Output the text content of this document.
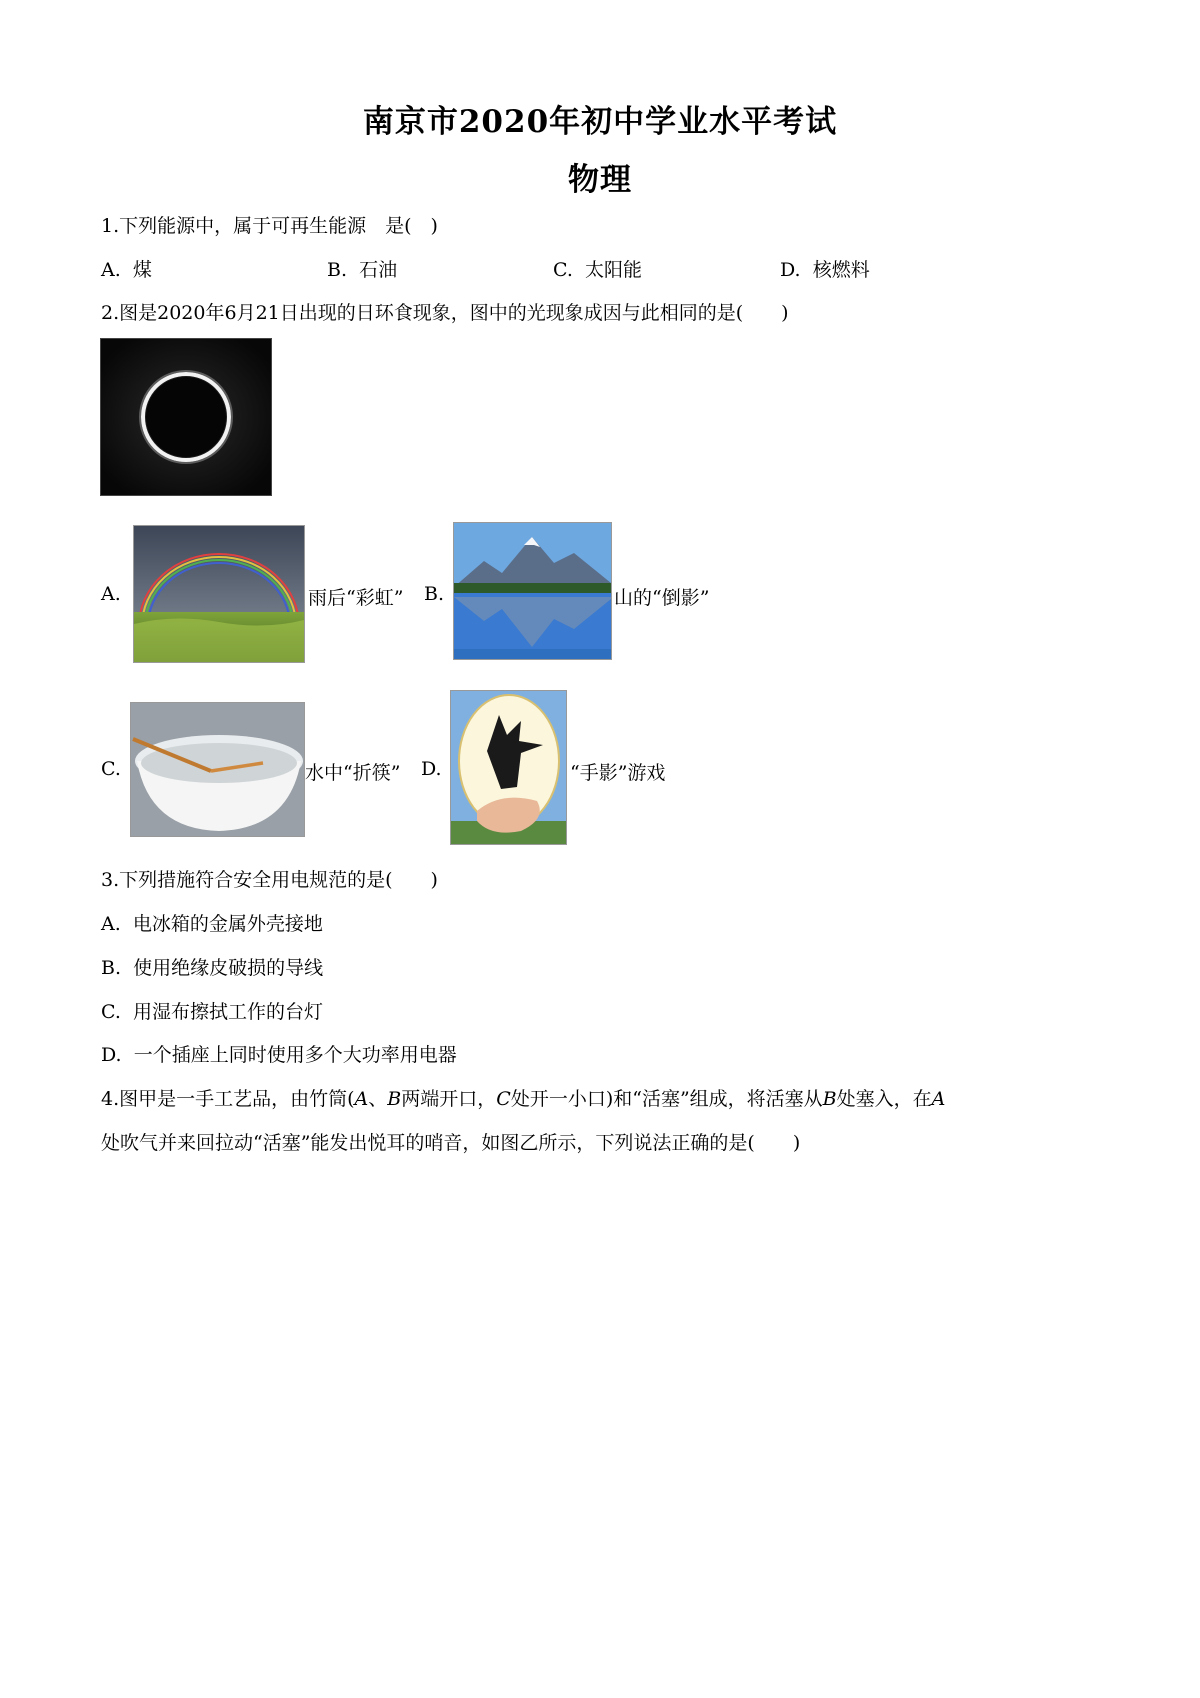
南京市2020年初中学业水平考试
物理
1.下列能源中，属于可再生能源　是(　)
A. 煤	B. 石油	C. 太阳能	D. 核燃料
2.图是2020年6月21日出现的日环食现象，图中的光现象成因与此相同的是(　　)
A.	雨后“彩虹” B.	山的“倒影”
C.	水中“折筷” D.	“手影”游戏
3.下列措施符合安全用电规范的是(　　)
A. 电冰箱的金属外壳接地
B. 使用绝缘皮破损的导线
C. 用湿布擦拭工作的台灯
D. 一个插座上同时使用多个大功率用电器
4.图甲是一手工艺品，由竹筒(A、B两端开口，C处开一小口)和“活塞”组成，将活塞从B处塞入，在A
处吹气并来回拉动“活塞”能发出悦耳的哨音，如图乙所示，下列说法正确的是(　　)
